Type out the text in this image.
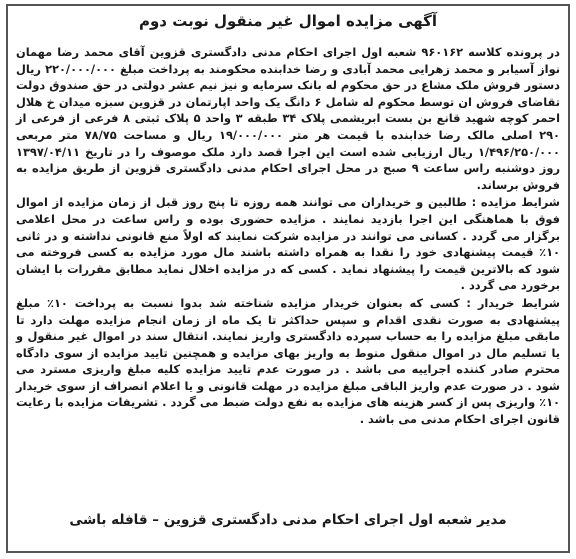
آگهی مزایده اموال غیر منقول نوبت دوم

در پرونده کلاسه ۹۶۰۱۶۲ شعبه اول اجرای احکام مدنی دادگستری قزوین آقای محمد رضا مهمان نواز آسیابر و محمد زهرایی محمد آبادی و رضا خدابنده محکومند به پرداخت مبلغ ۲۲۰/۰۰۰/۰۰۰ ریال دستور فروش ملک مشاع در حق محکوم له بانک سرمایه و نیز نیم عشر دولتی در حق صندوق دولت تقاضای فروش ان توسط محکوم له شامل ۶ دانگ یک واحد اپارتمان در قزوین سبزه میدان خ هلال احمر کوچه شهید قانع بن بست ابریشمی پلاک ۳۴ طبقه ۳ واحد ۵ پلاک ثبتی ۸ فرعی از فرعی از ۲۹۰ اصلی مالک رضا خدابنده با قیمت هر متر ۱۹/۰۰۰/۰۰۰ ریال و مساحت ۷۸/۷۵ متر مربعی ۱/۴۹۶/۲۵۰/۰۰۰ ریال ارزیابی شده است این اجرا قصد دارد ملک موصوف را در تاریخ ۱۳۹۷/۰۴/۱۱ روز دوشنبه راس ساعت ۹ صبح در محل اجرای احکام مدنی دادگستری قزوین از طریق مزایده به فروش برساند.

شرایط مزایده : طالبین و خریداران می توانند همه روزه تا پنج روز قبل از زمان مزایده از اموال فوق با هماهنگی این اجرا بازدید نمایند . مزایده حضوری بوده و راس ساعت در محل اعلامی برگزار می گردد . کسانی می توانند در مزایده شرکت نمایند که اولاً منع قانونی نداشته و در ثانی ۱۰٪ قیمت پیشنهادی خود را نقدا به همراه داشته باشند مال مورد مزایده به کسی فروخته می شود که بالاترین قیمت را پیشنهاد نماید . کسی که در مزایده اخلال نماید مطابق مقررات با ایشان برخورد می گردد .

شرایط خریدار : کسی که بعنوان خریدار مزایده شناخته شد بدوا نسبت به پرداخت ۱۰٪ مبلغ پیشنهادی به صورت نقدی اقدام و سپس حداکثر تا یک ماه از زمان انجام مزایده مهلت دارد تا مابقی مبلغ مزایده را به حساب سپرده دادگستری واریز نمایند. انتقال سند در اموال غیر منقول و یا تسلیم مال در اموال منقول منوط به واریز بهای مزایده و همچنین تایید مزایده از سوی دادگاه محترم صادر کننده اجراییه می باشد . در صورت عدم تایید مزایده کلیه مبلغ واریزی مسترد می شود . در صورت عدم واریز الباقی مبلغ مزایده در مهلت قانونی و یا اعلام انصراف از سوی خریدار ۱۰٪ واریزی پس از کسر هزینه های مزایده به نفع دولت ضبط می گردد . تشریفات مزایده با رعایت قانون اجرای احکام مدنی می باشد .

مدیر شعبه اول اجرای احکام مدنی دادگستری قزوین – قافله باشی
